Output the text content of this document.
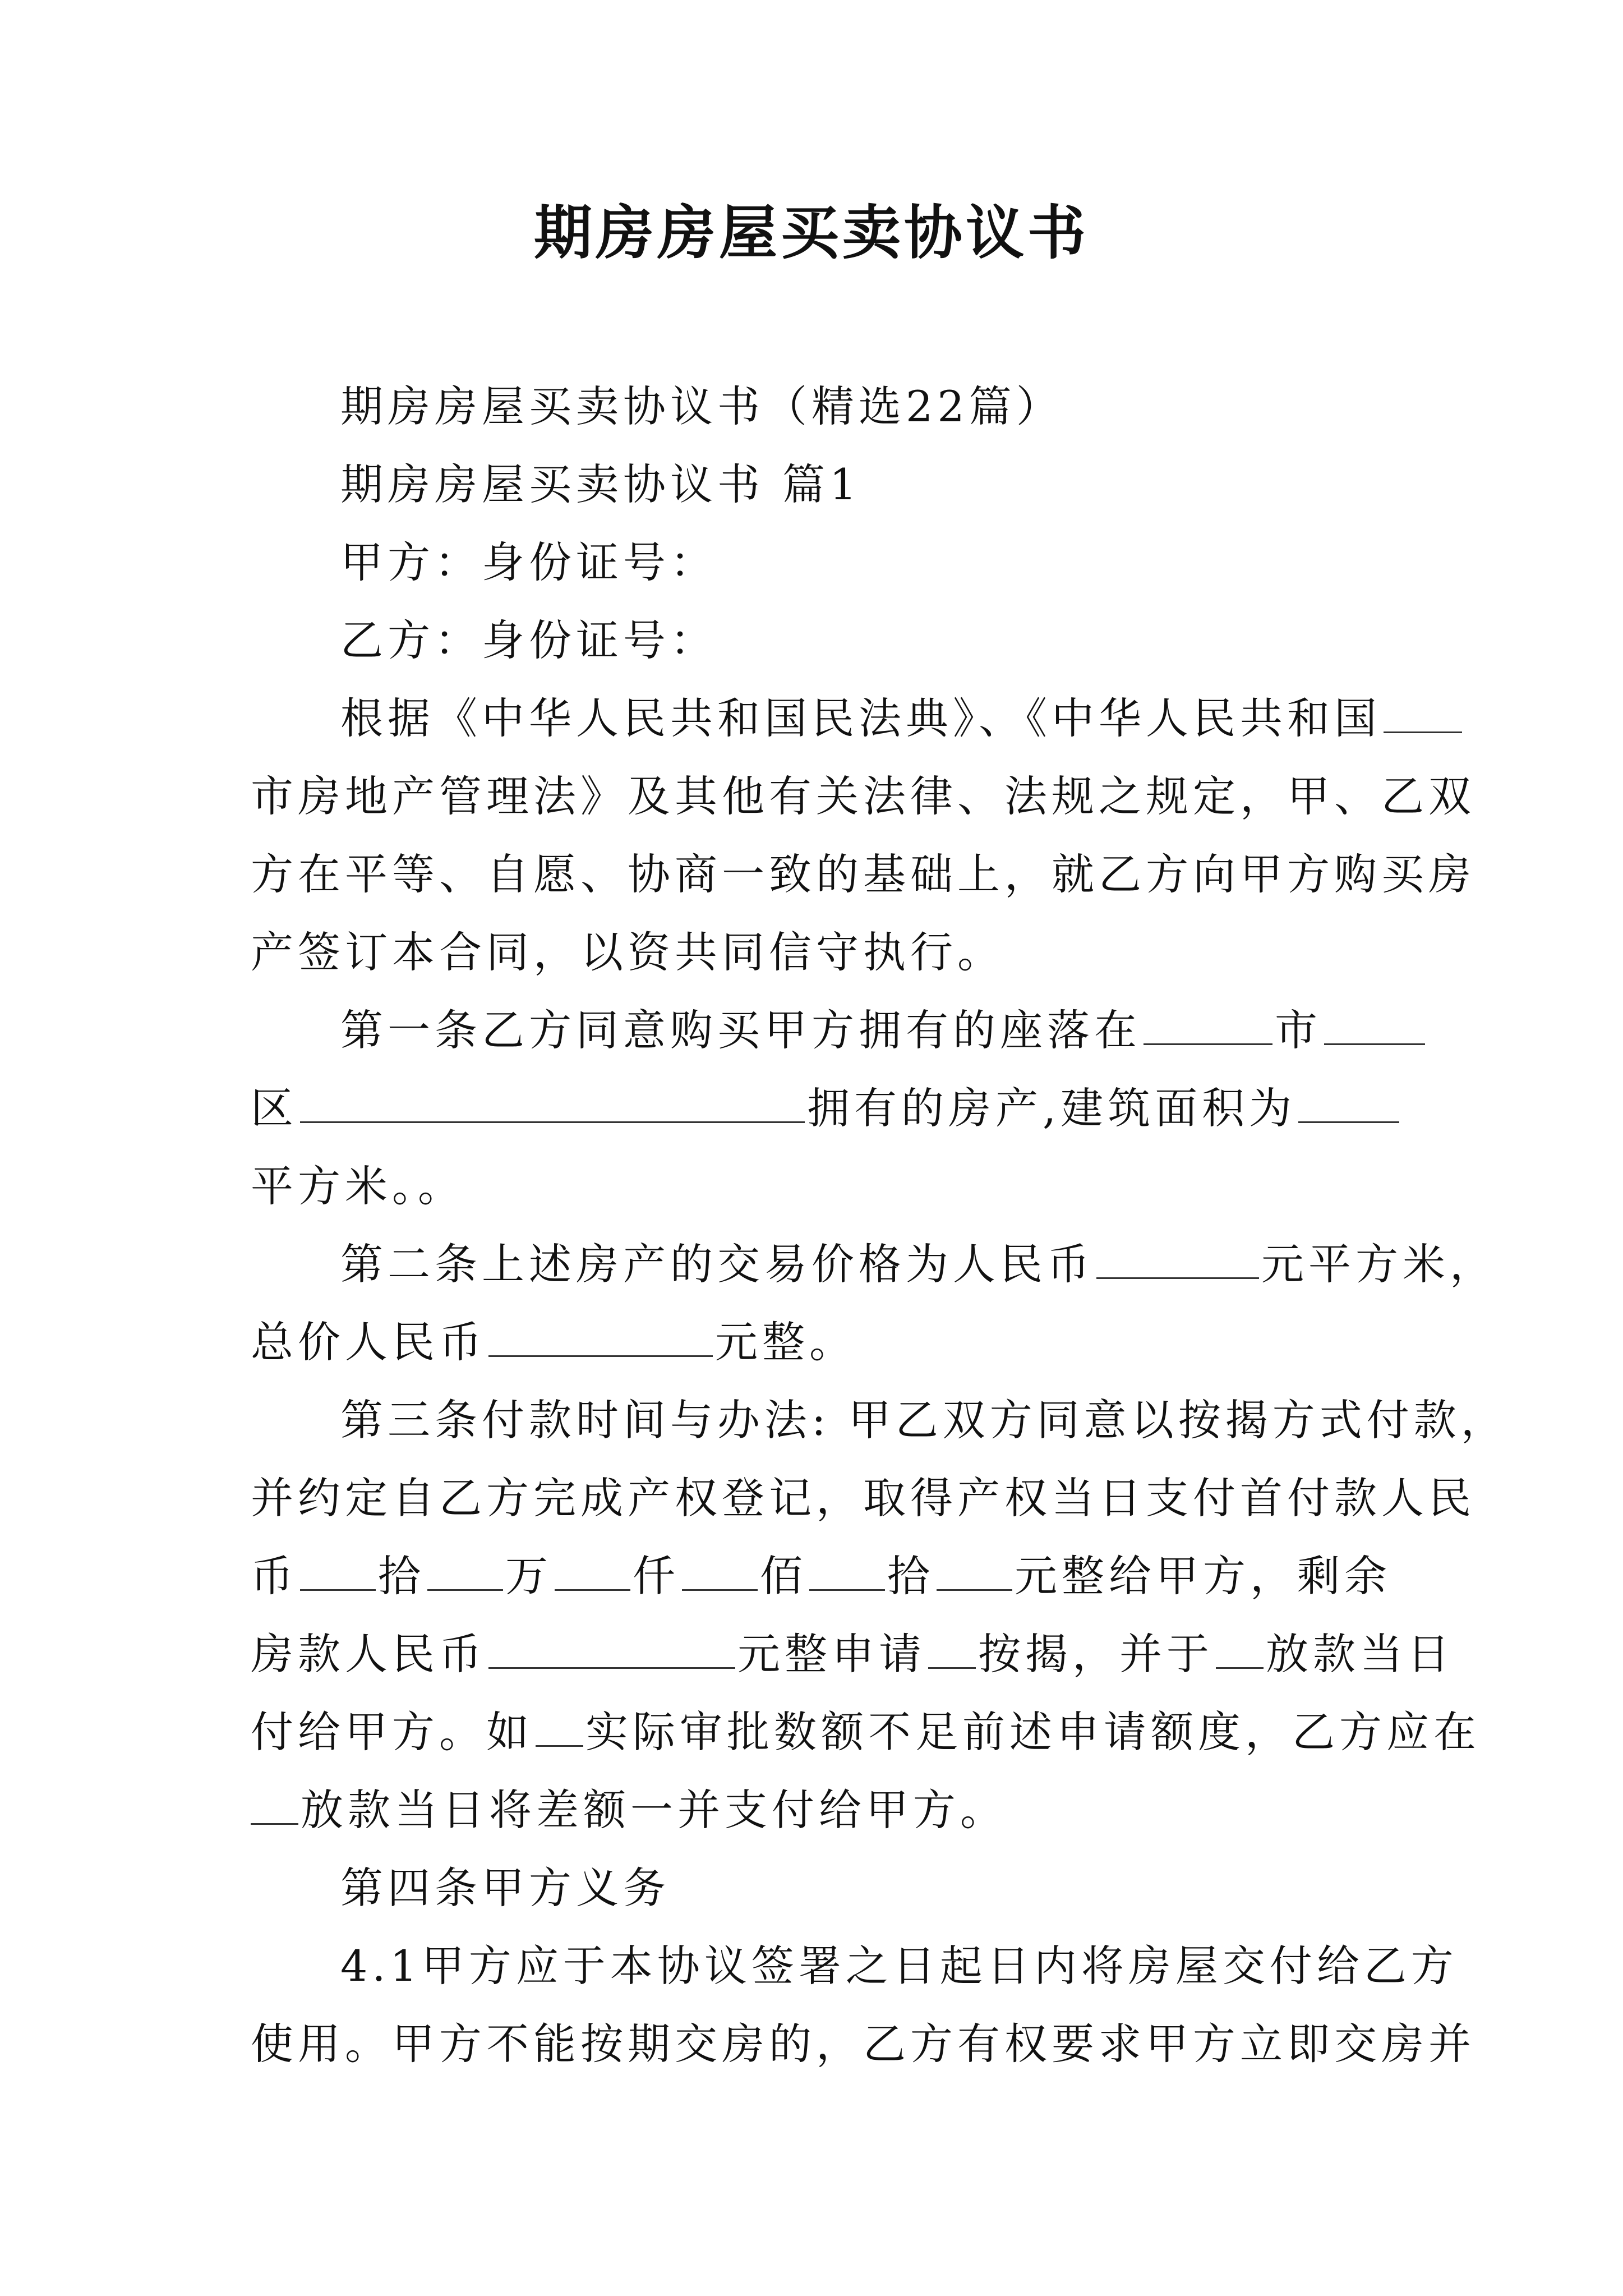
期房房屋买卖协议书

期房房屋买卖协议书（精选22篇）

期房房屋买卖协议书 篇1

甲方：身份证号：

乙方：身份证号：

根据《中华人民共和国民法典》、《中华人民共和国
市房地产管理法》及其他有关法律、法规之规定，甲、乙双
方在平等、自愿、协商一致的基础上，就乙方向甲方购买房
产签订本合同，以资共同信守执行。
第一条乙方同意购买甲方拥有的座落在	市
区	拥有的房产,建筑面积为
平方米。。
第二条上述房产的交易价格为人民币	元平方米，
总价人民币	元整。
第三条付款时间与办法: 甲乙双方同意以按揭方式付款，
并约定自乙方完成产权登记，取得产权当日支付首付款人民
币 拾 万 仟 佰 拾 元整给甲方，剩余
房款人民币	元整申请 按揭，并于 放款当日
付给甲方。如 实际审批数额不足前述申请额度，乙方应在
放款当日将差额一并支付给甲方。

第四条甲方义务

4.1甲方应于本协议签署之日起日内将房屋交付给乙方
使用。甲方不能按期交房的，乙方有权要求甲方立即交房并
